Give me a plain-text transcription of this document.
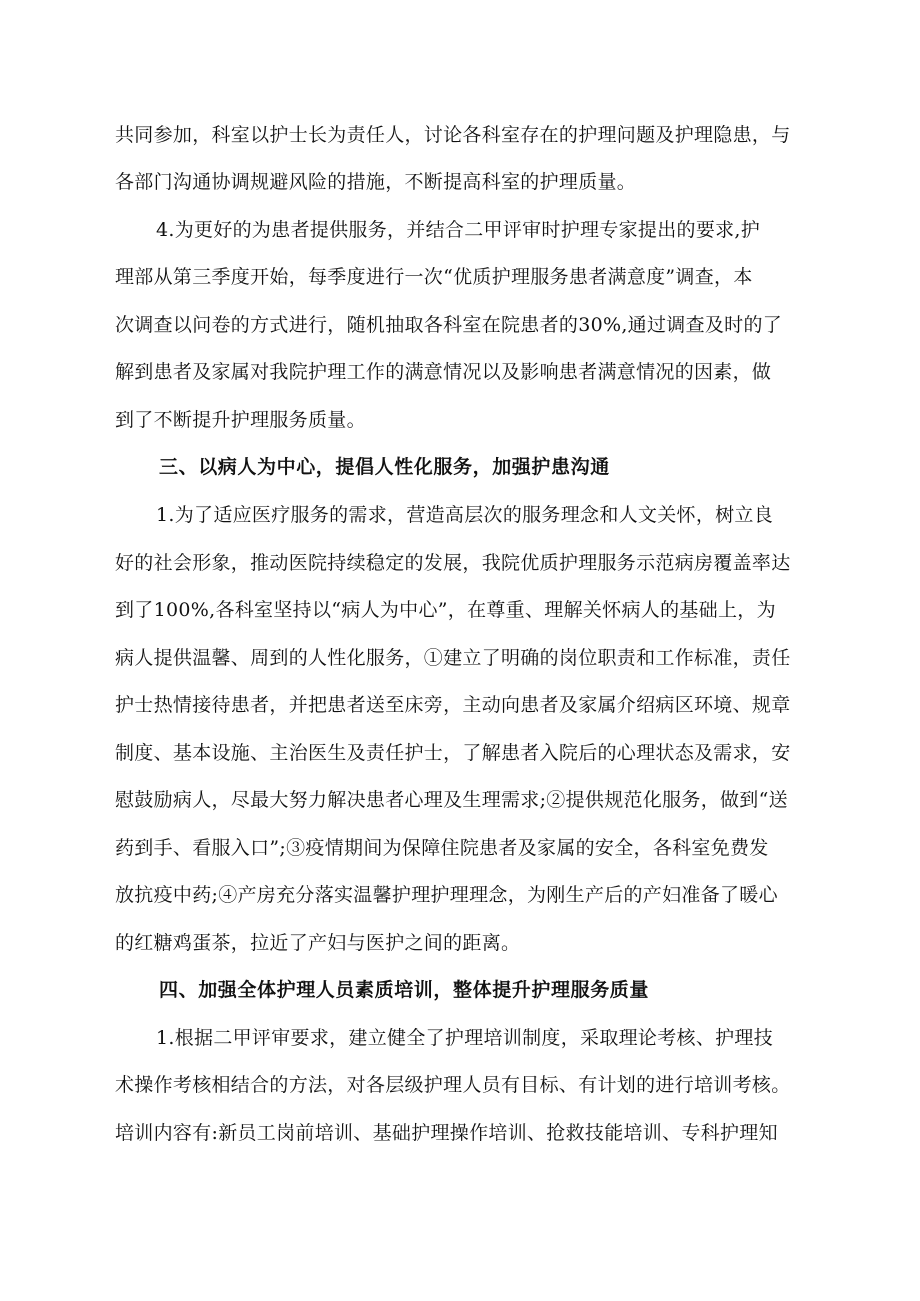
共同参加，科室以护士长为责任人，讨论各科室存在的护理问题及护理隐患，与

各部门沟通协调规避风险的措施，不断提高科室的护理质量。

4.为更好的为患者提供服务，并结合二甲评审时护理专家提出的要求,护

理部从第三季度开始，每季度进行一次“优质护理服务患者满意度”调查，本

次调查以问卷的方式进行，随机抽取各科室在院患者的30%,通过调查及时的了

解到患者及家属对我院护理工作的满意情况以及影响患者满意情况的因素，做

到了不断提升护理服务质量。

三、以病人为中心，提倡人性化服务，加强护患沟通

1.为了适应医疗服务的需求，营造高层次的服务理念和人文关怀，树立良

好的社会形象，推动医院持续稳定的发展，我院优质护理服务示范病房覆盖率达

到了100%,各科室坚持以“病人为中心”，在尊重、理解关怀病人的基础上，为

病人提供温馨、周到的人性化服务，①建立了明确的岗位职责和工作标准，责任

护士热情接待患者，并把患者送至床旁，主动向患者及家属介绍病区环境、规章

制度、基本设施、主治医生及责任护士，了解患者入院后的心理状态及需求，安

慰鼓励病人，尽最大努力解决患者心理及生理需求;②提供规范化服务，做到“送

药到手、看服入口”;③疫情期间为保障住院患者及家属的安全，各科室免费发

放抗疫中药;④产房充分落实温馨护理护理理念，为刚生产后的产妇准备了暖心

的红糖鸡蛋茶，拉近了产妇与医护之间的距离。

四、加强全体护理人员素质培训，整体提升护理服务质量

1.根据二甲评审要求，建立健全了护理培训制度，采取理论考核、护理技

术操作考核相结合的方法，对各层级护理人员有目标、有计划的进行培训考核。

培训内容有:新员工岗前培训、基础护理操作培训、抢救技能培训、专科护理知
